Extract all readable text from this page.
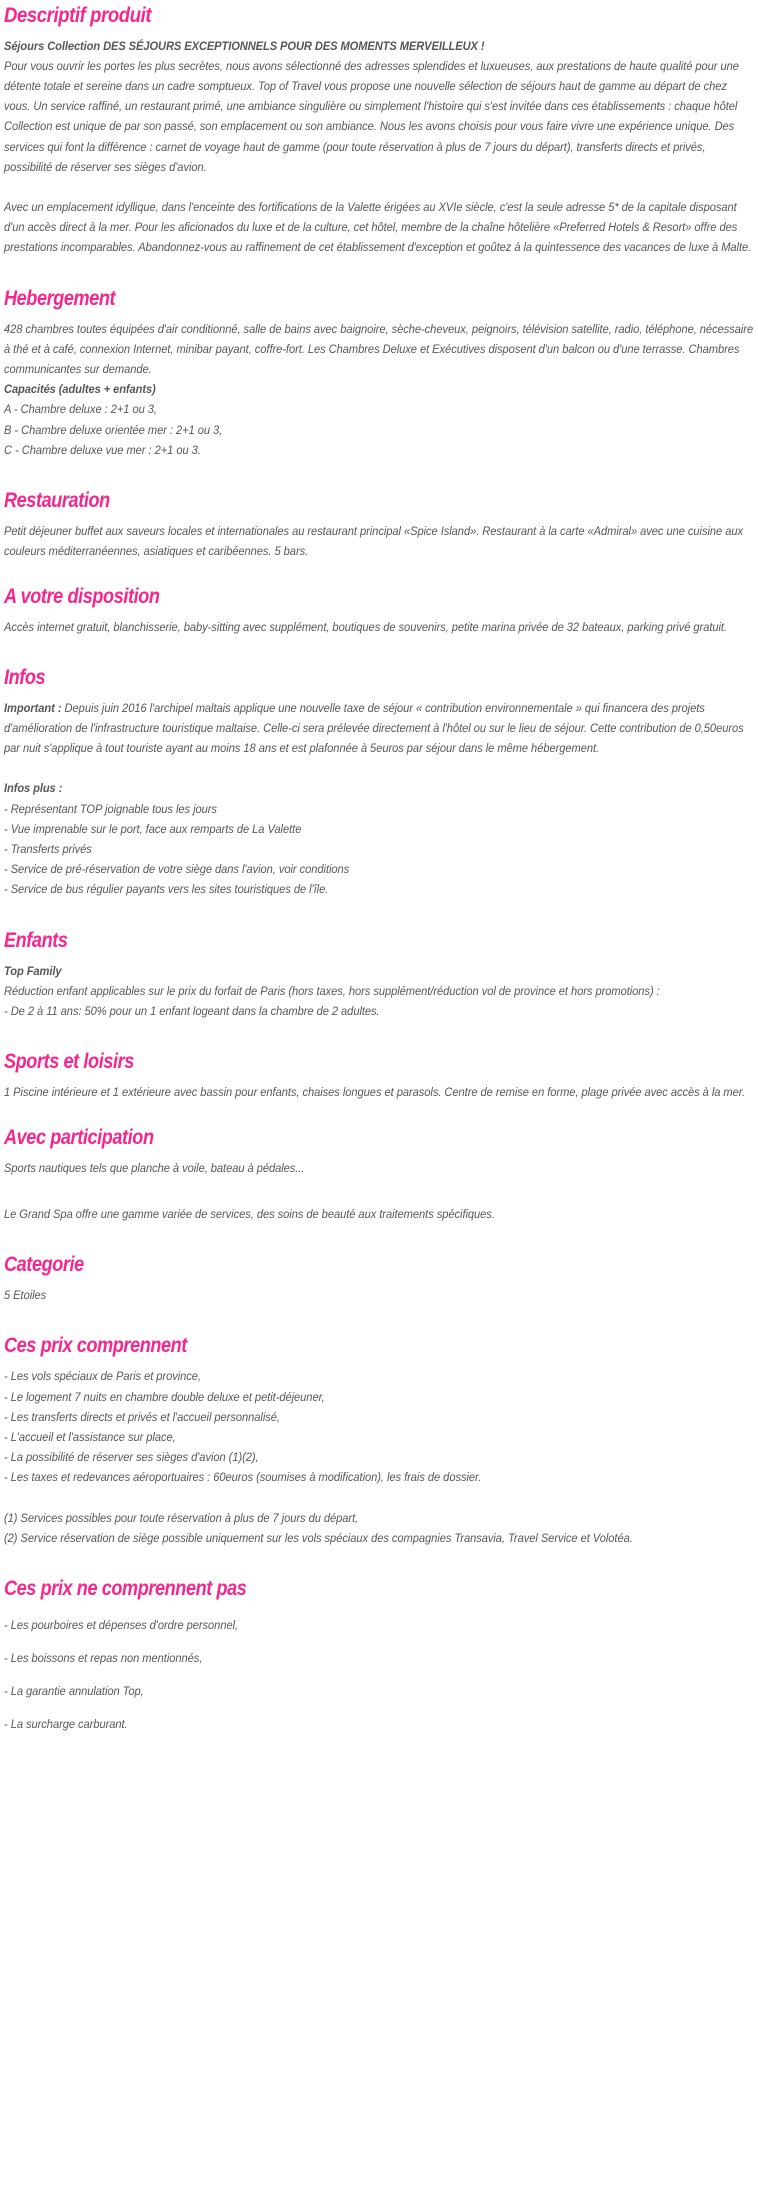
Descriptif produit

Séjours Collection DES SÉJOURS EXCEPTIONNELS POUR DES MOMENTS MERVEILLEUX !

Pour vous ouvrir les portes les plus secrètes, nous avons sélectionné des adresses splendides et luxueuses, aux prestations de haute qualité pour une détente totale et sereine dans un cadre somptueux. Top of Travel vous propose une nouvelle sélection de séjours haut de gamme au départ de chez vous. Un service raffiné, un restaurant primé, une ambiance singulière ou simplement l'histoire qui s'est invitée dans ces établissements : chaque hôtel Collection est unique de par son passé, son emplacement ou son ambiance. Nous les avons choisis pour vous faire vivre une expérience unique. Des services qui font la différence : carnet de voyage haut de gamme (pour toute réservation à plus de 7 jours du départ), transferts directs et privés, possibilité de réserver ses sièges d'avion.

Avec un emplacement idyllique, dans l'enceinte des fortifications de la Valette érigées au XVIe siècle, c'est la seule adresse 5* de la capitale disposant d'un accès direct à la mer. Pour les aficionados du luxe et de la culture, cet hôtel, membre de la chaîne hôtelière «Preferred Hotels & Resort» offre des prestations incomparables. Abandonnez-vous au raffinement de cet établissement d'exception et goûtez à la quintessence des vacances de luxe à Malte.

Hebergement

428 chambres toutes équipées d'air conditionné, salle de bains avec baignoire, sèche-cheveux, peignoirs, télévision satellite, radio, téléphone, nécessaire à thé et à café, connexion Internet, minibar payant, coffre-fort. Les Chambres Deluxe et Exécutives disposent d'un balcon ou d'une terrasse. Chambres communicantes sur demande.

Capacités (adultes + enfants)
A - Chambre deluxe : 2+1 ou 3,
B - Chambre deluxe orientée mer : 2+1 ou 3,
C - Chambre deluxe vue mer : 2+1 ou 3.
Restauration

Petit déjeuner buffet aux saveurs locales et internationales au restaurant principal «Spice Island». Restaurant à la carte «Admiral» avec une cuisine aux couleurs méditerranéennes, asiatiques et caribéennes. 5 bars.

A votre disposition

Accès internet gratuit, blanchisserie, baby-sitting avec supplément, boutiques de souvenirs, petite marina privée de 32 bateaux, parking privé gratuit.

Infos

Important : Depuis juin 2016 l'archipel maltais applique une nouvelle taxe de séjour « contribution environnementale » qui financera des projets d'amélioration de l'infrastructure touristique maltaise. Celle-ci sera prélevée directement à l'hôtel ou sur le lieu de séjour. Cette contribution de 0,50euros par nuit s'applique à tout touriste ayant au moins 18 ans et est plafonnée à 5euros par séjour dans le même hébergement.

Infos plus :
- Représentant TOP joignable tous les jours
- Vue imprenable sur le port, face aux remparts de La Valette
- Transferts privés
- Service de pré-réservation de votre siège dans l'avion, voir conditions
- Service de bus régulier payants vers les sites touristiques de l'île.
Enfants
Top Family

Réduction enfant applicables sur le prix du forfait de Paris (hors taxes, hors supplément/réduction vol de province et hors promotions) :

- De 2 à 11 ans: 50% pour un 1 enfant logeant dans la chambre de 2 adultes.
Sports et loisirs

1 Piscine intérieure et 1 extérieure avec bassin pour enfants, chaises longues et parasols. Centre de remise en forme, plage privée avec accès à la mer.

Avec participation

Sports nautiques tels que planche à voile, bateau à pédales...

Le Grand Spa offre une gamme variée de services, des soins de beauté aux traitements spécifiques.

Categorie
5 Etoiles
Ces prix comprennent
- Les vols spéciaux de Paris et province,
- Le logement 7 nuits en chambre double deluxe et petit-déjeuner,
- Les transferts directs et privés et l'accueil personnalisé,
- L'accueil et l'assistance sur place,
- La possibilité de réserver ses sièges d'avion (1)(2),
- Les taxes et redevances aéroportuaires : 60euros (soumises à modification), les frais de dossier.
(1) Services possibles pour toute réservation à plus de 7 jours du départ,

(2) Service réservation de siège possible uniquement sur les vols spéciaux des compagnies Transavia, Travel Service et Volotéa.

Ces prix ne comprennent pas
- Les pourboires et dépenses d'ordre personnel,
- Les boissons et repas non mentionnés,
- La garantie annulation Top,
- La surcharge carburant.
